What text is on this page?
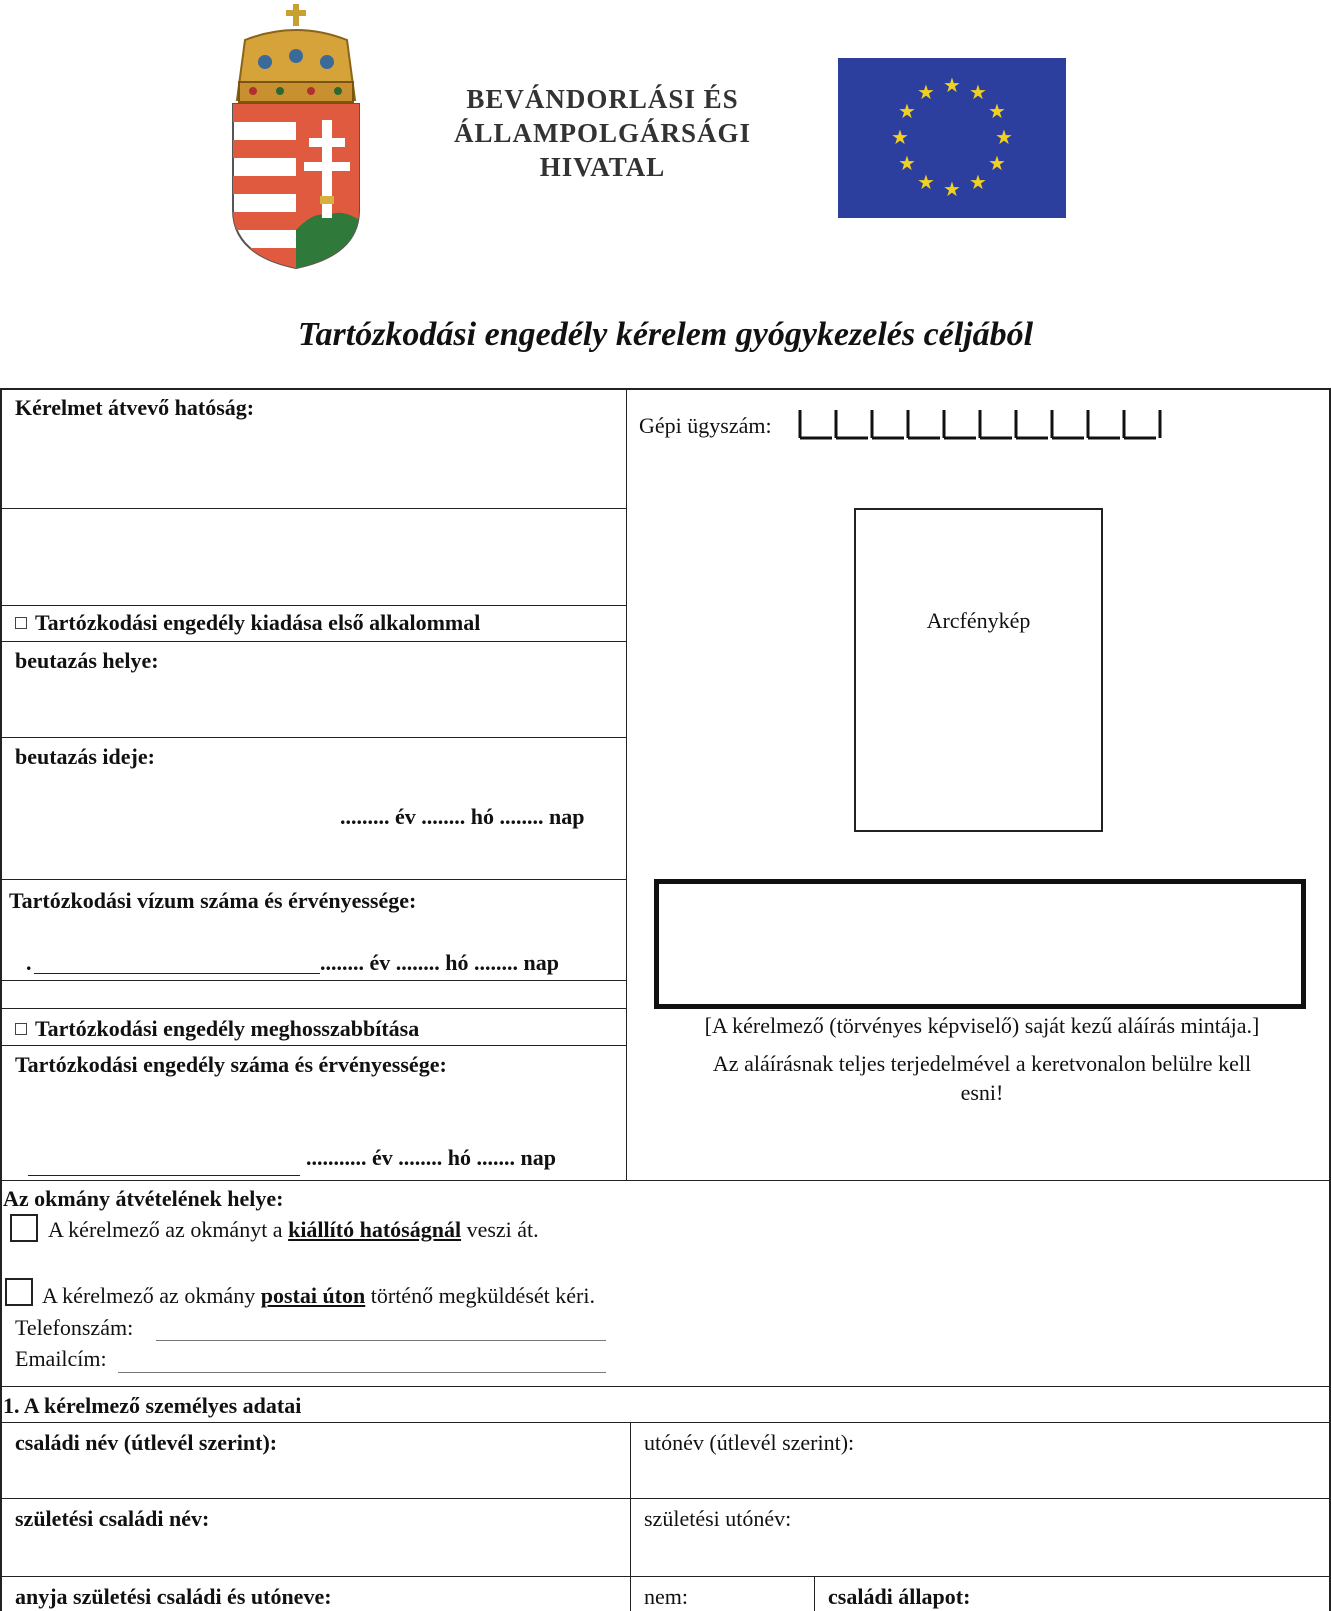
BEVÁNDORLÁSI ÉS
ÁLLAMPOLGÁRSÁGI
HIVATAL
★ ★
★
★
★
★
★
★
★
★
★
★
Tartózkodási engedély kérelem gyógykezelés céljából
Kérelmet átvevő hatóság:
Tartózkodási engedély kiadása első alkalommal
beutazás helye:
beutazás ideje:
......... év ........ hó ........ nap
Tartózkodási vízum száma és érvényessége:
.	........ év ........ hó ........ nap
Tartózkodási engedély meghosszabbítása
Tartózkodási engedély száma és érvényessége:
........... év ........ hó ....... nap
Gépi ügyszám:
Arcfénykép
[A kérelmező (törvényes képviselő) saját kezű aláírás mintája.]
Az aláírásnak teljes terjedelmével a keretvonalon belülre kell
esni!
Az okmány átvételének helye:
A kérelmező az okmányt a kiállító hatóságnál veszi át.
A kérelmező az okmány postai úton történő megküldését kéri.
Telefonszám:
Emailcím:
1. A kérelmező személyes adatai
családi név (útlevél szerint):	utónév (útlevél szerint):
születési családi név:	születési utónév:
anyja születési családi és utóneve:	nem:	családi állapot:
